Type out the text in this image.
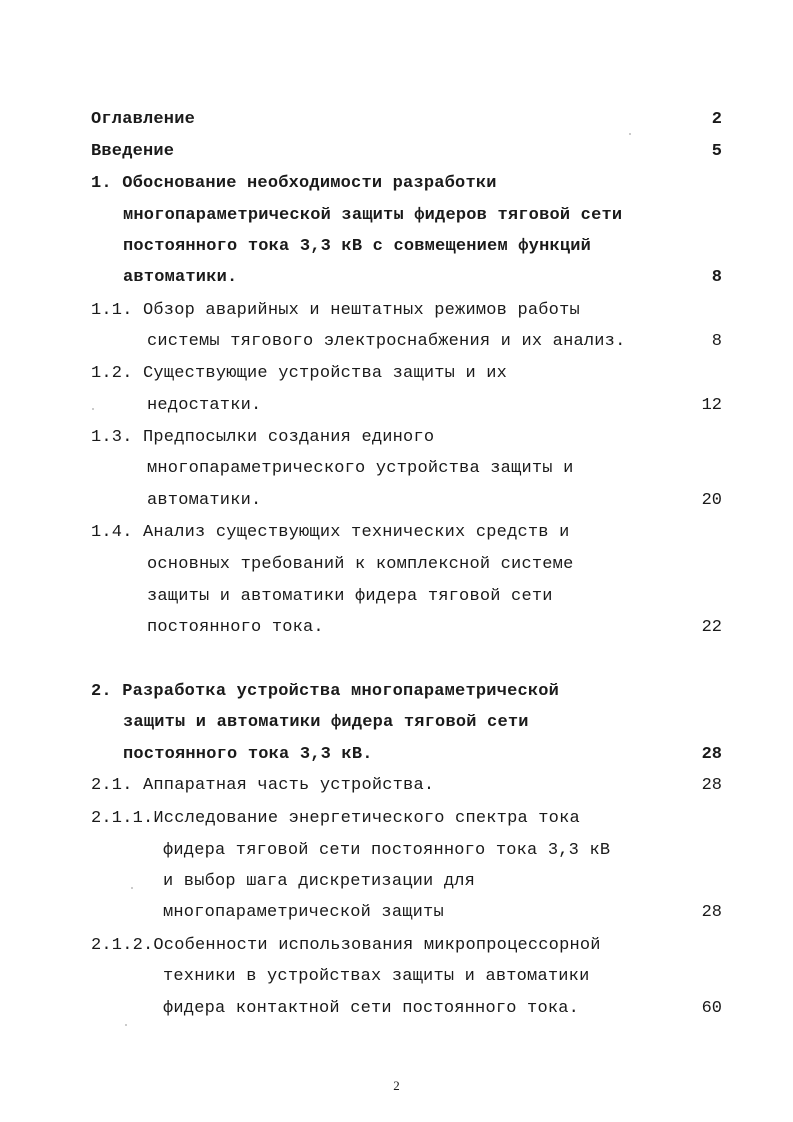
Оглавление	2
Введение	5
1. Обоснование необходимости разработки
многопараметрической защиты фидеров тяговой сети
постоянного тока 3,3 кВ с совмещением функций
автоматики.	8
1.1. Обзор аварийных и нештатных режимов работы
системы тягового электроснабжения и их анализ.	8
1.2. Существующие устройства защиты и их
недостатки.	12
1.3. Предпосылки создания единого
многопараметрического устройства защиты и
автоматики.	20
1.4. Анализ существующих технических средств и
основных требований к комплексной системе
защиты и автоматики фидера тяговой сети
постоянного тока.	22
2. Разработка устройства многопараметрической
защиты и автоматики фидера тяговой сети
постоянного тока 3,3 кВ.	28
2.1. Аппаратная часть устройства.	28
2.1.1.Исследование энергетического спектра тока
фидера тяговой сети постоянного тока 3,3 кВ
и выбор шага дискретизации для
многопараметрической защиты	28
2.1.2.Особенности использования микропроцессорной
техники в устройствах защиты и автоматики
фидера контактной сети постоянного тока.	60
2
